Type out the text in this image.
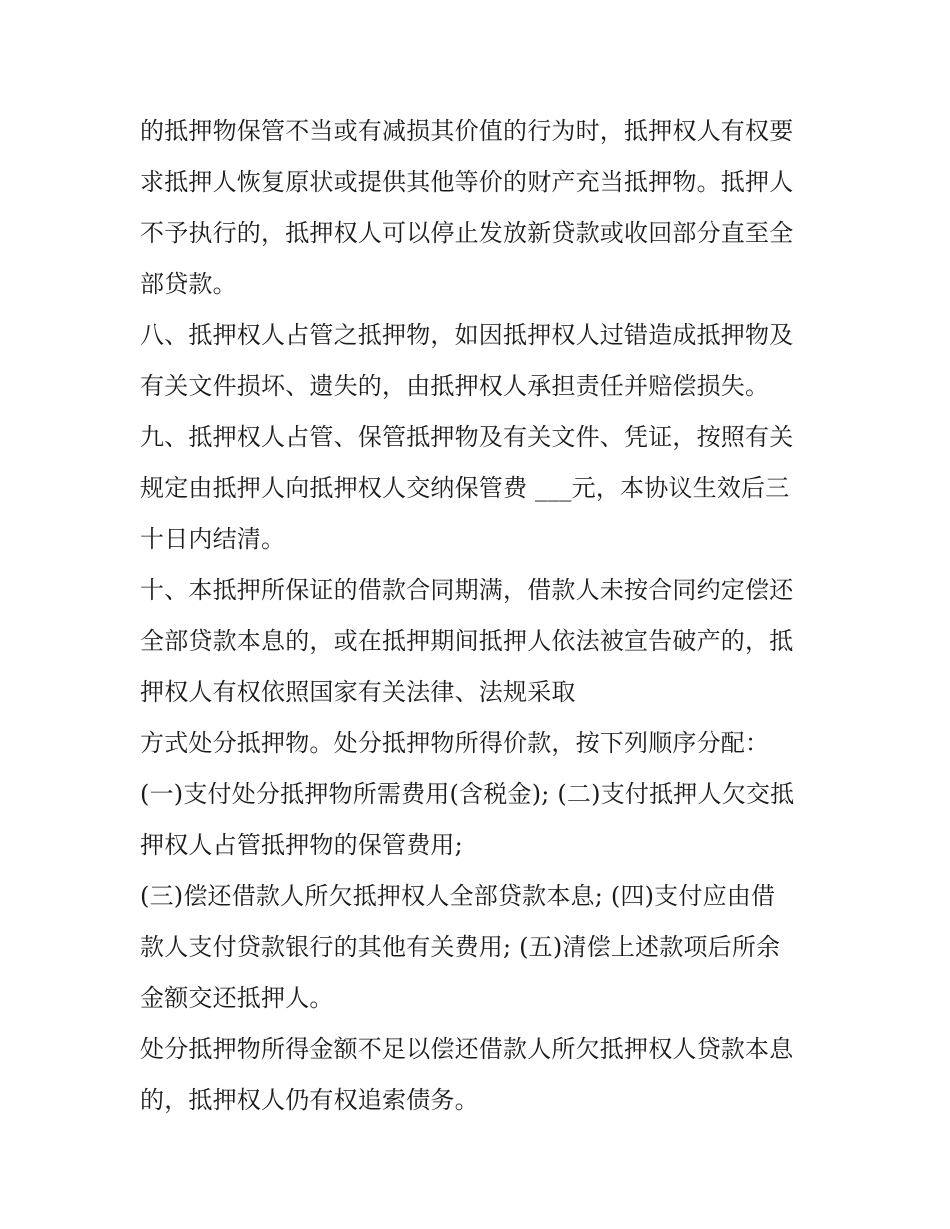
的抵押物保管不当或有减损其价值的行为时，抵押权人有权要
求抵押人恢复原状或提供其他等价的财产充当抵押物。抵押人
不予执行的，抵押权人可以停止发放新贷款或收回部分直至全
部贷款。
八、抵押权人占管之抵押物，如因抵押权人过错造成抵押物及
有关文件损坏、遗失的，由抵押权人承担责任并赔偿损失。
九、抵押权人占管、保管抵押物及有关文件、凭证，按照有关
规定由抵押人向抵押权人交纳保管费 ___元，本协议生效后三
十日内结清。
十、本抵押所保证的借款合同期满，借款人未按合同约定偿还
全部贷款本息的，或在抵押期间抵押人依法被宣告破产的，抵
押权人有权依照国家有关法律、法规采取
方式处分抵押物。处分抵押物所得价款，按下列顺序分配：
(一)支付处分抵押物所需费用(含税金); (二)支付抵押人欠交抵
押权人占管抵押物的保管费用;
(三)偿还借款人所欠抵押权人全部贷款本息; (四)支付应由借
款人支付贷款银行的其他有关费用; (五)清偿上述款项后所余
金额交还抵押人。
处分抵押物所得金额不足以偿还借款人所欠抵押权人贷款本息
的，抵押权人仍有权追索债务。
